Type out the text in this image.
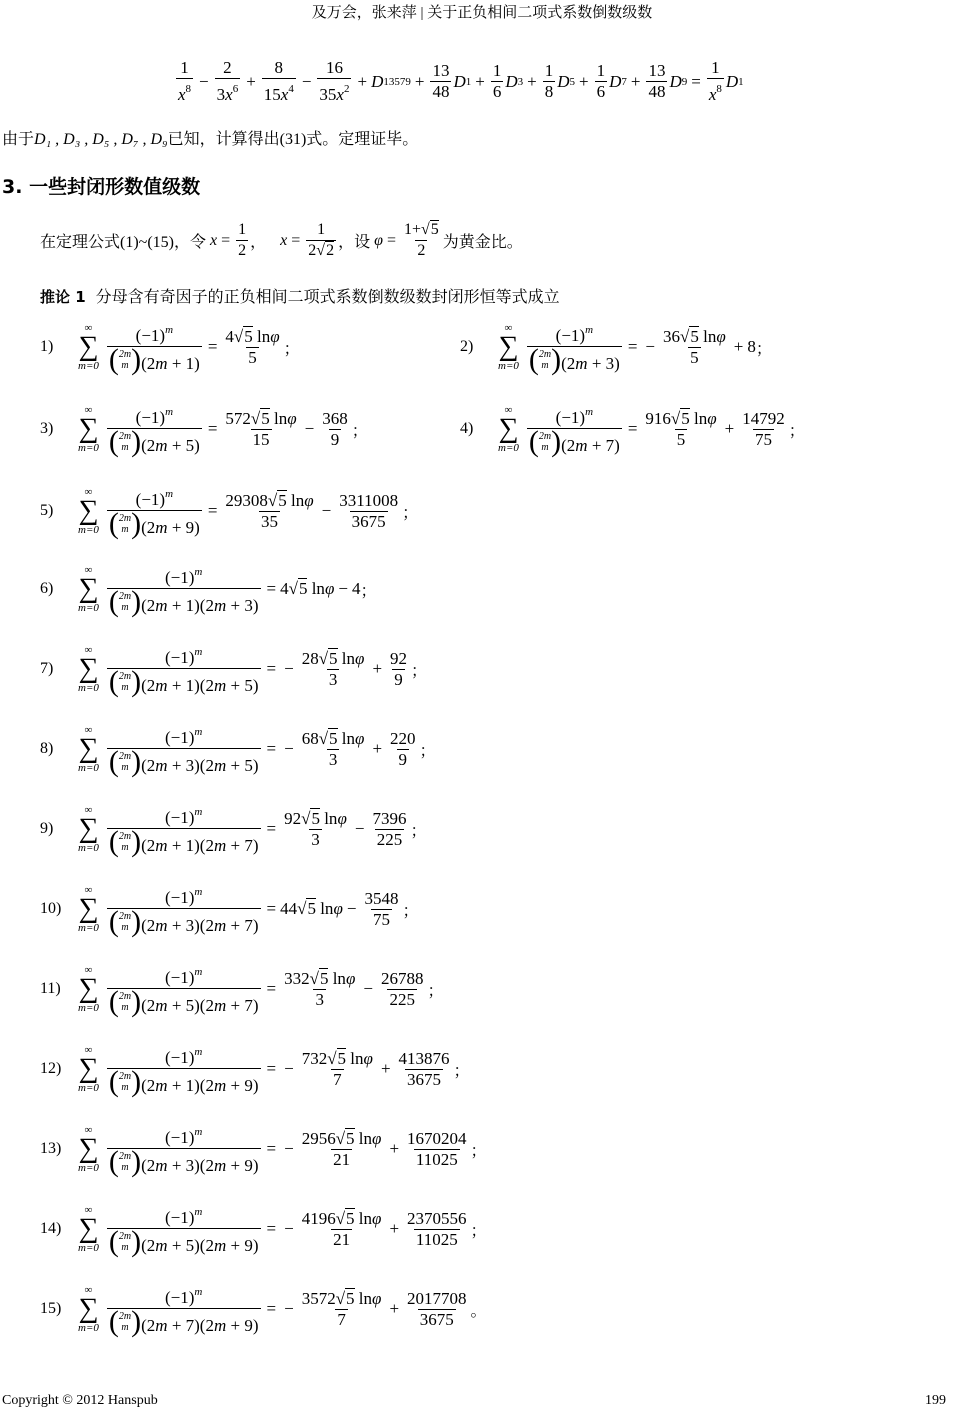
及万会，张来萍 | 关于正负相间二项式系数倒数级数
1
$x^8 - \frac{2}{3x^6} + \frac{8}{15x^4} - \frac{16}{35x^2} + D$ $13579 + \frac{13}{48}$ D $1 + \frac{1}{6}$ D $3 + \frac{1}{8}$ D $5 + \frac{1}{6}$ D $7 + \frac{13}{48}$ D $9 = \frac{1}{x^8}$ D 1
由于D₁ , D₃ , D₅ , D₇ , D₉已知，计算得出(31)式。定理证毕。
3. 一些封闭形数值级数
在定理公式(1)~(15)，令 $x = \frac{1}{2}$ ， $x = \frac{1}{2√2}$ ，设 $\varphi = \frac{1+√5}{2}$ 为黄金比。
推论 1 分母含有奇因子的正负相间二项式系数倒数级数封闭形恒等式成立
1)
∞
∑
m=0 $(-1)^m$
( 2m
m ) $(2m + 1) = \frac{4√5 \ln\varphi}{5}$ ；	2)
∞
∑
m=0 $(-1)^m$
( 2m
m ) (2m + 3) = − $\frac{36√5 \ln\varphi}{5} + 8$ ；
3)
∞
∑
m=0 $(-1)^m$
( 2m
m ) $(2m + 5) = \frac{572√5 \ln\varphi}{15} - \frac{368}{9}$ ；	4)
∞
∑
m=0 $(-1)^m$
( 2m
m ) $(2m + 7) = \frac{916√5 \ln\varphi}{5} + \frac{14792}{75}$ ；
5)
∞
∑
m=0 $(-1)^m$
( 2m
m ) $(2m + 9) = \frac{29308√5 \ln\varphi}{35} - \frac{3311008}{3675}$ ；
6)
∞
∑
m=0 $(-1)^m$
( 2m
m ) (2m + 1)(2m + 3) = 4√5 lnφ − 4 ；
7)
∞
∑
m=0 $(-1)^m$
( 2m
m ) (2m + 1)(2m + 5) = − $\frac{28√5 \ln\varphi}{3} + \frac{92}{9}$ ；
8)
∞
∑
m=0 $(-1)^m$
( 2m
m ) (2m + 3)(2m + 5) = − $\frac{68√5 \ln\varphi}{3} + \frac{220}{9}$ ；
9)
∞
∑
m=0 $(-1)^m$
( 2m
m ) $(2m + 1)(2m + 7) = \frac{92√5 \ln\varphi}{3} - \frac{7396}{225}$ ；
10)
∞
∑
m=0 $(-1)^m$
( 2m
m ) (2m + 3)(2m + 7) = 44√5 $\ln\varphi - \frac{3548}{75}$ ；
11)
∞
∑
m=0 $(-1)^m$
( 2m
m ) $(2m + 5)(2m + 7) = \frac{332√5 \ln\varphi}{3} - \frac{26788}{225}$ ；
12)
∞
∑
m=0 $(-1)^m$
( 2m
m ) (2m + 1)(2m + 9) = − $\frac{732√5 \ln\varphi}{7} + \frac{413876}{3675}$ ；
13)
∞
∑
m=0 $(-1)^m$
( 2m
m ) (2m + 3)(2m + 9) = − $\frac{2956√5 \ln\varphi}{21} + \frac{1670204}{11025}$ ；
14)
∞
∑
m=0 $(-1)^m$
( 2m
m ) (2m + 5)(2m + 9) = − $\frac{4196√5 \ln\varphi}{21} + \frac{2370556}{11025}$ ；
15)
∞
∑
m=0 $(-1)^m$
( 2m
m ) (2m + 7)(2m + 9) = − $\frac{3572√5 \ln\varphi}{7} + \frac{2017708}{3675}$ 。
Copyright © 2012 Hanspub	199
